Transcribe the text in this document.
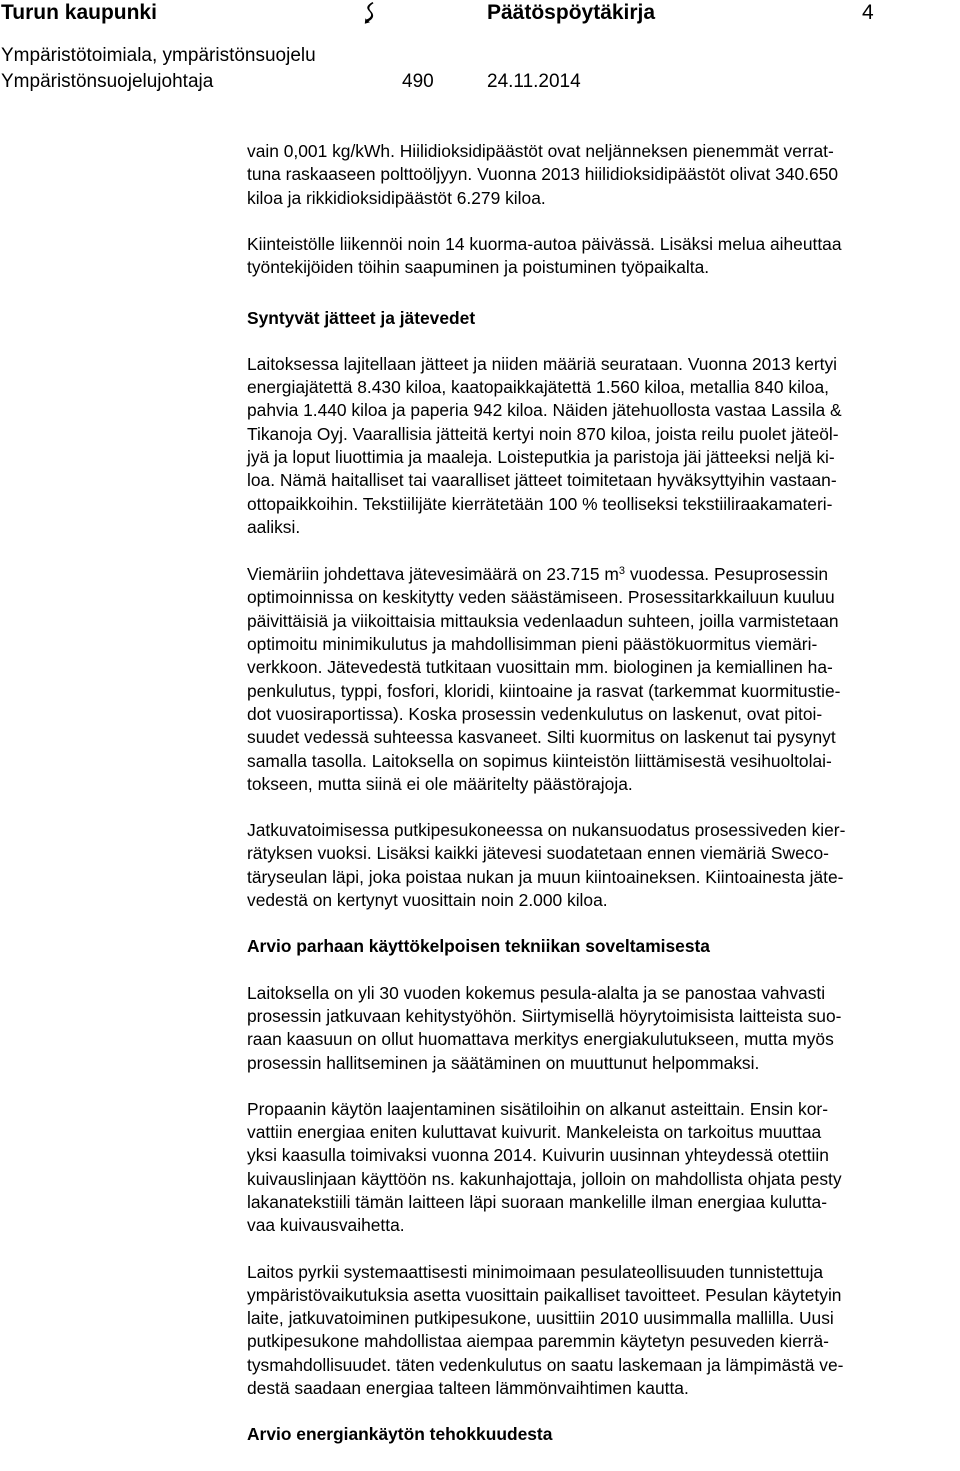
Turun kaupunki	Päätöspöytäkirja	4
Ympäristötoimiala, ympäristönsuojelu
Ympäristönsuojelujohtaja	490	24.11.2014
vain 0,001 kg/kWh. Hiilidioksidipäästöt ovat neljänneksen pienemmät verrat-
tuna raskaaseen polttoöljyyn. Vuonna 2013 hiilidioksidipäästöt olivat 340.650
kiloa ja rikkidioksidipäästöt 6.279 kiloa.
Kiinteistölle liikennöi noin 14 kuorma-autoa päivässä. Lisäksi melua aiheuttaa
työntekijöiden töihin saapuminen ja poistuminen työpaikalta.
Syntyvät jätteet ja jätevedet
Laitoksessa lajitellaan jätteet ja niiden määriä seurataan. Vuonna 2013 kertyi
energiajätettä 8.430 kiloa, kaatopaikkajätettä 1.560 kiloa, metallia 840 kiloa,
pahvia 1.440 kiloa ja paperia 942 kiloa. Näiden jätehuollosta vastaa Lassila &
Tikanoja Oyj. Vaarallisia jätteitä kertyi noin 870 kiloa, joista reilu puolet jäteöl-
jyä ja loput liuottimia ja maaleja. Loisteputkia ja paristoja jäi jätteeksi neljä ki-
loa. Nämä haitalliset tai vaaralliset jätteet toimitetaan hyväksyttyihin vastaan-
ottopaikkoihin. Tekstiilijäte kierrätetään 100 % teolliseksi tekstiiliraakamateri-
aaliksi.
Viemäriin johdettava jätevesimäärä on 23.715 $m^3$ vuodessa. Pesuprosessin
optimoinnissa on keskitytty veden säästämiseen. Prosessitarkkailuun kuuluu
päivittäisiä ja viikoittaisia mittauksia vedenlaadun suhteen, joilla varmistetaan
optimoitu minimikulutus ja mahdollisimman pieni päästökuormitus viemäri-
verkkoon. Jätevedestä tutkitaan vuosittain mm. biologinen ja kemiallinen ha-
penkulutus, typpi, fosfori, kloridi, kiintoaine ja rasvat (tarkemmat kuormitustie-
dot vuosiraportissa). Koska prosessin vedenkulutus on laskenut, ovat pitoi-
suudet vedessä suhteessa kasvaneet. Silti kuormitus on laskenut tai pysynyt
samalla tasolla. Laitoksella on sopimus kiinteistön liittämisestä vesihuoltolai-
tokseen, mutta siinä ei ole määritelty päästörajoja.
Jatkuvatoimisessa putkipesukoneessa on nukansuodatus prosessiveden kier-
rätyksen vuoksi. Lisäksi kaikki jätevesi suodatetaan ennen viemäriä Sweco-
täryseulan läpi, joka poistaa nukan ja muun kiintoaineksen. Kiintoainesta jäte-
vedestä on kertynyt vuosittain noin 2.000 kiloa.
Arvio parhaan käyttökelpoisen tekniikan soveltamisesta
Laitoksella on yli 30 vuoden kokemus pesula-alalta ja se panostaa vahvasti
prosessin jatkuvaan kehitystyöhön. Siirtymisellä höyrytoimisista laitteista suo-
raan kaasuun on ollut huomattava merkitys energiakulutukseen, mutta myös
prosessin hallitseminen ja säätäminen on muuttunut helpommaksi.
Propaanin käytön laajentaminen sisätiloihin on alkanut asteittain. Ensin kor-
vattiin energiaa eniten kuluttavat kuivurit. Mankeleista on tarkoitus muuttaa
yksi kaasulla toimivaksi vuonna 2014. Kuivurin uusinnan yhteydessä otettiin
kuivauslinjaan käyttöön ns. kakunhajottaja, jolloin on mahdollista ohjata pesty
lakanatekstiili tämän laitteen läpi suoraan mankelille ilman energiaa kulutta-
vaa kuivausvaihetta.
Laitos pyrkii systemaattisesti minimoimaan pesulateollisuuden tunnistettuja
ympäristövaikutuksia asetta vuosittain paikalliset tavoitteet. Pesulan käytetyin
laite, jatkuvatoiminen putkipesukone, uusittiin 2010 uusimmalla mallilla. Uusi
putkipesukone mahdollistaa aiempaa paremmin käytetyn pesuveden kierrä-
tysmahdollisuudet. täten vedenkulutus on saatu laskemaan ja lämpimästä ve-
destä saadaan energiaa talteen lämmönvaihtimen kautta.
Arvio energiankäytön tehokkuudesta
